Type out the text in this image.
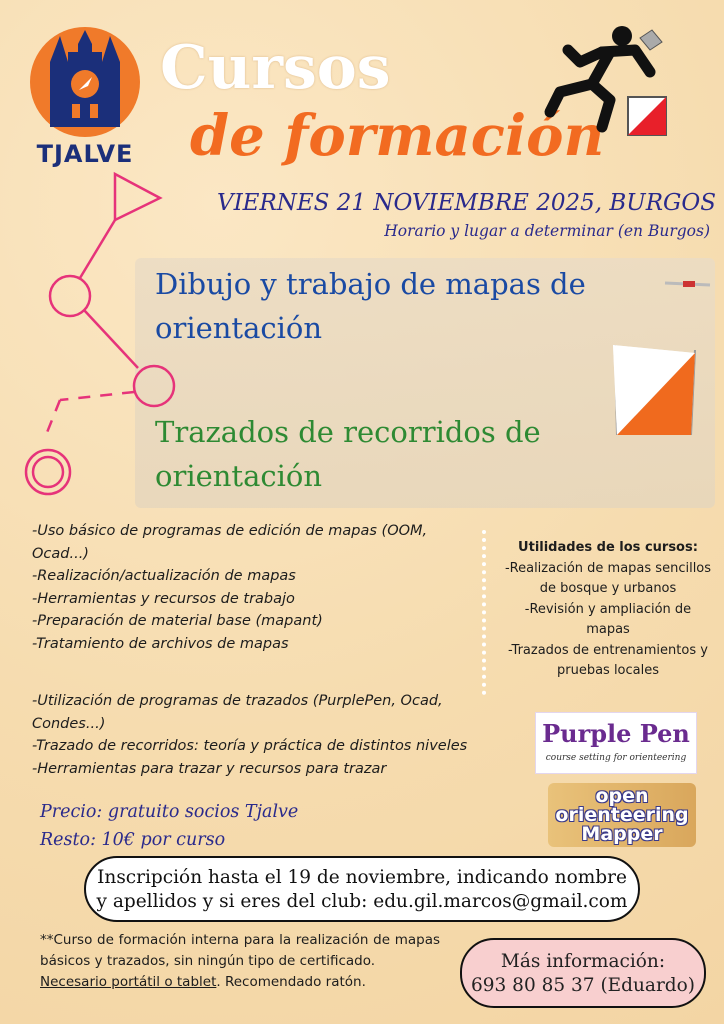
TJALVE
Cursos
de formación
VIERNES 21 NOVIEMBRE 2025, BURGOS
Horario y lugar a determinar (en Burgos)
Dibujo y trabajo de mapas de orientación
Trazados de recorridos de orientación
-Uso básico de programas de edición de mapas (OOM,
Ocad...)
-Realización/actualización de mapas
-Herramientas y recursos de trabajo
-Preparación de material base (mapant)
-Tratamiento de archivos de mapas
-Utilización de programas de trazados (PurplePen, Ocad,
Condes...)
-Trazado de recorridos: teoría y práctica de distintos niveles
-Herramientas para trazar y recursos para trazar
Utilidades de los cursos:
-Realización de mapas sencillos
de bosque y urbanos
-Revisión y ampliación de
mapas
-Trazados de entrenamientos y
pruebas locales
Purple Pen
course setting for orienteering
open
orienteering
Mapper
Precio: gratuito socios Tjalve
Resto: 10€ por curso
Inscripción hasta el 19 de noviembre, indicando nombre
y apellidos y si eres del club: edu.gil.marcos@gmail.com
**Curso de formación interna para la realización de mapas básicos y trazados, sin ningún tipo de certificado.
Necesario portátil o tablet. Recomendado ratón.
Más información:
693 80 85 37 (Eduardo)
